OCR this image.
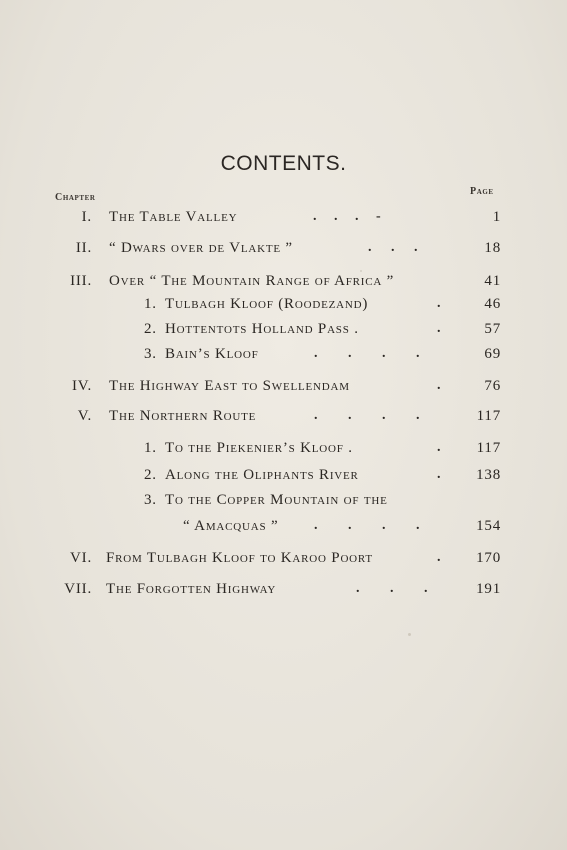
CONTENTS.
Chapter
Page
I. The Table Valley	. . . -	1
II. “ Dwars over de Vlakte ”	. . .	18
III. Over “ The Mountain Range of Africa ”	41
1. Tulbagh Kloof (Roodezand)	.	46
2. Hottentots Holland Pass .	.	57
3. Bain’s Kloof	. . . .	69
IV. The Highway East to Swellendam	.	76
V. The Northern Route	. . . .	117
1. To the Piekenier’s Kloof .	. 117
2. Along the Oliphants River	. 138
3. To the Copper Mountain of the
“ Amacquas ”	. . . .	154
VI. From Tulbagh Kloof to Karoo Poort	. 170
VII. The Forgotten Highway	. . .	191
